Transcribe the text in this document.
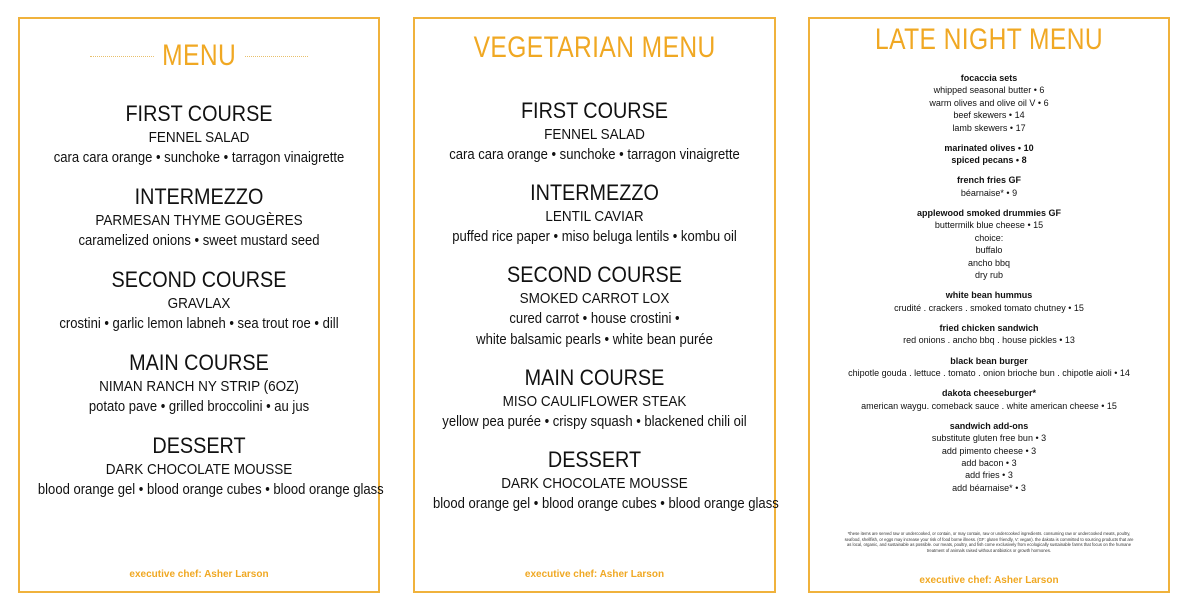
MENU
FIRST COURSE
FENNEL SALAD
cara cara orange • sunchoke • tarragon vinaigrette
INTERMEZZO
PARMESAN THYME GOUGÈRES
caramelized onions • sweet mustard seed
SECOND COURSE
GRAVLAX
crostini • garlic lemon labneh • sea trout roe • dill
MAIN COURSE
NIMAN RANCH NY STRIP (6OZ)
potato pave • grilled broccolini • au jus
DESSERT
DARK CHOCOLATE MOUSSE
blood orange gel • blood orange cubes • blood orange glass
executive chef: Asher Larson
VEGETARIAN MENU
FIRST COURSE
FENNEL SALAD
cara cara orange • sunchoke • tarragon vinaigrette
INTERMEZZO
LENTIL CAVIAR
puffed rice paper • miso beluga lentils • kombu oil
SECOND COURSE
SMOKED CARROT LOX
cured carrot • house crostini •
white balsamic pearls • white bean purée
MAIN COURSE
MISO CAULIFLOWER STEAK
yellow pea purée • crispy squash • blackened chili oil
DESSERT
DARK CHOCOLATE MOUSSE
blood orange gel • blood orange cubes • blood orange glass
executive chef: Asher Larson
LATE NIGHT MENU
focaccia sets
whipped seasonal butter • 6
warm olives and olive oil V • 6
beef skewers • 14
lamb skewers • 17
marinated olives • 10
spiced pecans • 8
french fries GF
béarnaise* • 9
applewood smoked drummies GF
buttermilk blue cheese • 15
choice:
buffalo
ancho bbq
dry rub
white bean hummus
crudité . crackers . smoked tomato chutney • 15
fried chicken sandwich
red onions . ancho bbq . house pickles • 13
black bean burger
chipotle gouda . lettuce . tomato . onion brioche bun . chipotle aioli • 14
dakota cheeseburger*
american waygu. comeback sauce . white american cheese • 15
sandwich add-ons
substitute gluten free bun • 3
add pimento cheese • 3
add bacon • 3
add fries • 3
add béarnaise* • 3
*these items are served raw or undercooked, or contain, or may contain, raw or undercooked ingredients. consuming raw or undercooked meats, poultry, seafood, shellfish, or eggs may increase your risk of food borne illness. (GF: gluten friendly, V: vegan). the dakota is committed to sourcing products that are as local, organic, and sustainable as possible. our meats, poultry, and fish come exclusively from ecologically sustainable farms that focus on the humane treatment of animals raised without antibiotics or growth hormones.
executive chef: Asher Larson
